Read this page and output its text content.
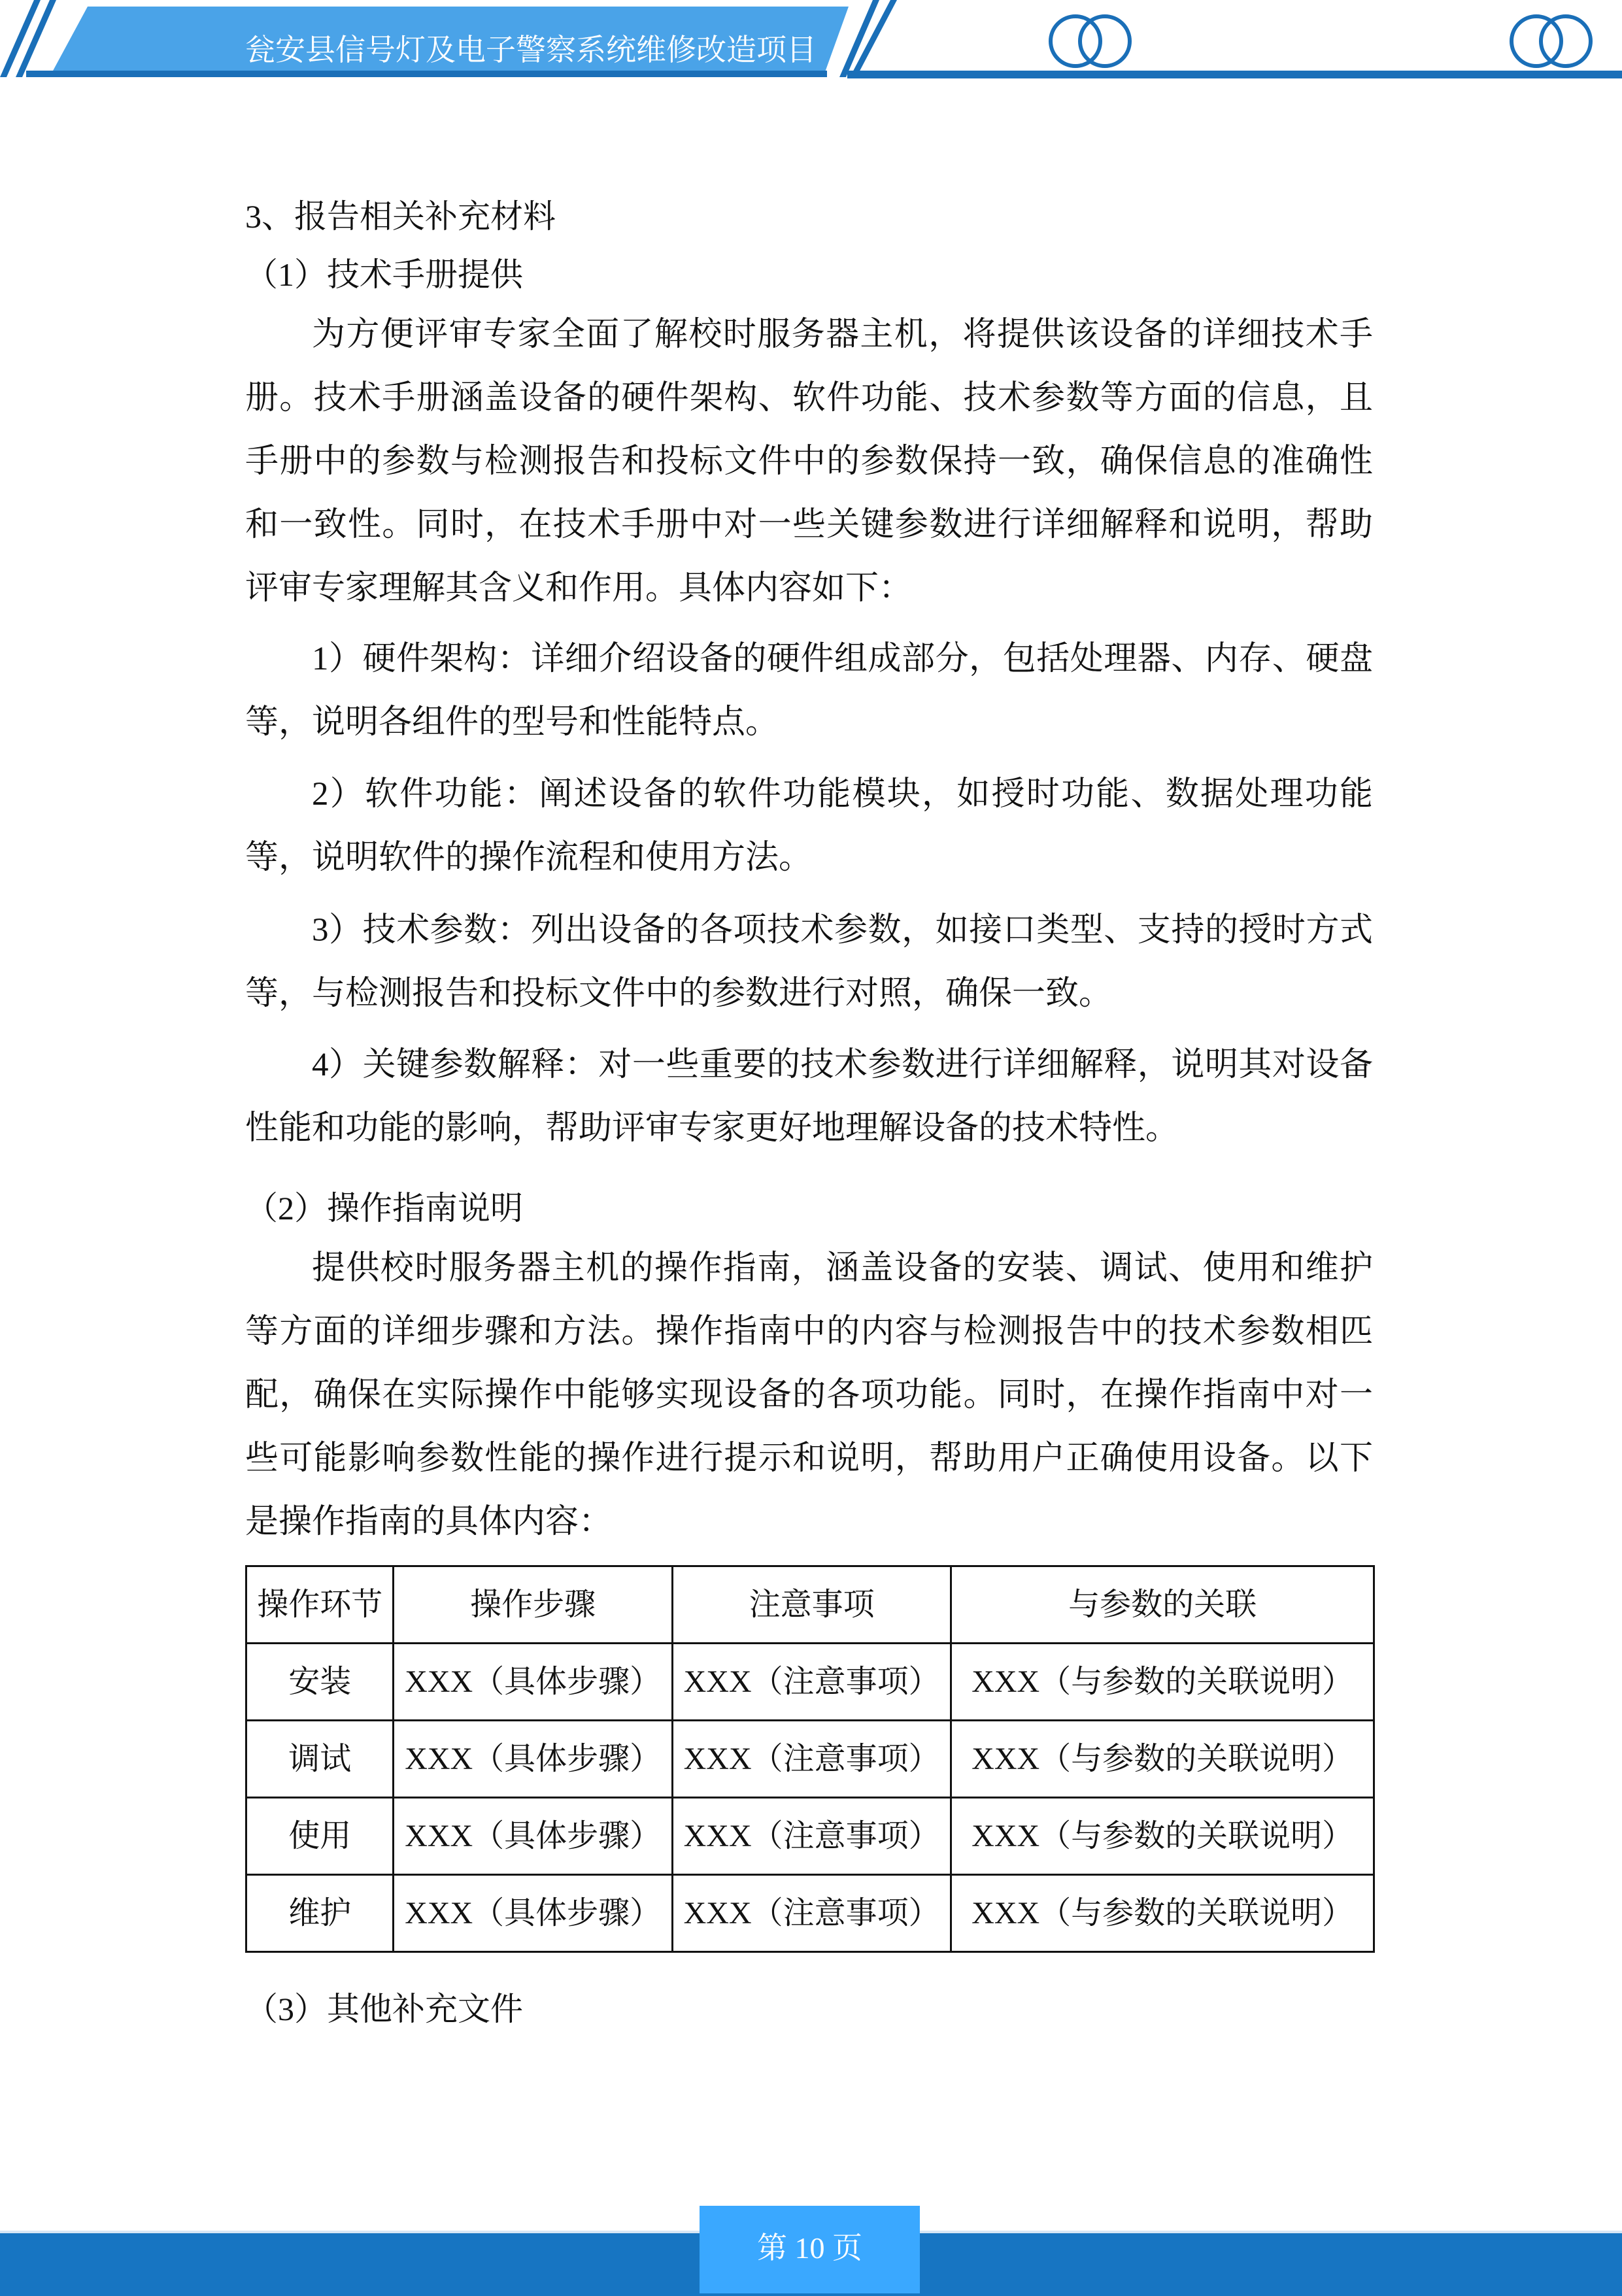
瓮安县信号灯及电子警察系统维修改造项目
3、报告相关补充材料
（1）技术手册提供
为方便评审专家全面了解校时服务器主机，将提供该设备的详细技术手册。技术手册涵盖设备的硬件架构、软件功能、技术参数等方面的信息，且手册中的参数与检测报告和投标文件中的参数保持一致，确保信息的准确性和一致性。同时，在技术手册中对一些关键参数进行详细解释和说明，帮助评审专家理解其含义和作用。具体内容如下：
1）硬件架构：详细介绍设备的硬件组成部分，包括处理器、内存、硬盘等，说明各组件的型号和性能特点。
2）软件功能：阐述设备的软件功能模块，如授时功能、数据处理功能等，说明软件的操作流程和使用方法。
3）技术参数：列出设备的各项技术参数，如接口类型、支持的授时方式等，与检测报告和投标文件中的参数进行对照，确保一致。
4）关键参数解释：对一些重要的技术参数进行详细解释，说明其对设备性能和功能的影响，帮助评审专家更好地理解设备的技术特性。
（2）操作指南说明
提供校时服务器主机的操作指南，涵盖设备的安装、调试、使用和维护等方面的详细步骤和方法。操作指南中的内容与检测报告中的技术参数相匹配，确保在实际操作中能够实现设备的各项功能。同时，在操作指南中对一些可能影响参数性能的操作进行提示和说明，帮助用户正确使用设备。以下是操作指南的具体内容：
操作环节	操作步骤	注意事项	与参数的关联
安装	XXX（具体步骤）	XXX（注意事项）	XXX（与参数的关联说明）
调试	XXX（具体步骤）	XXX（注意事项）	XXX（与参数的关联说明）
使用	XXX（具体步骤）	XXX（注意事项）	XXX（与参数的关联说明）
维护	XXX（具体步骤）	XXX（注意事项）	XXX（与参数的关联说明）
（3）其他补充文件
第 10 页
